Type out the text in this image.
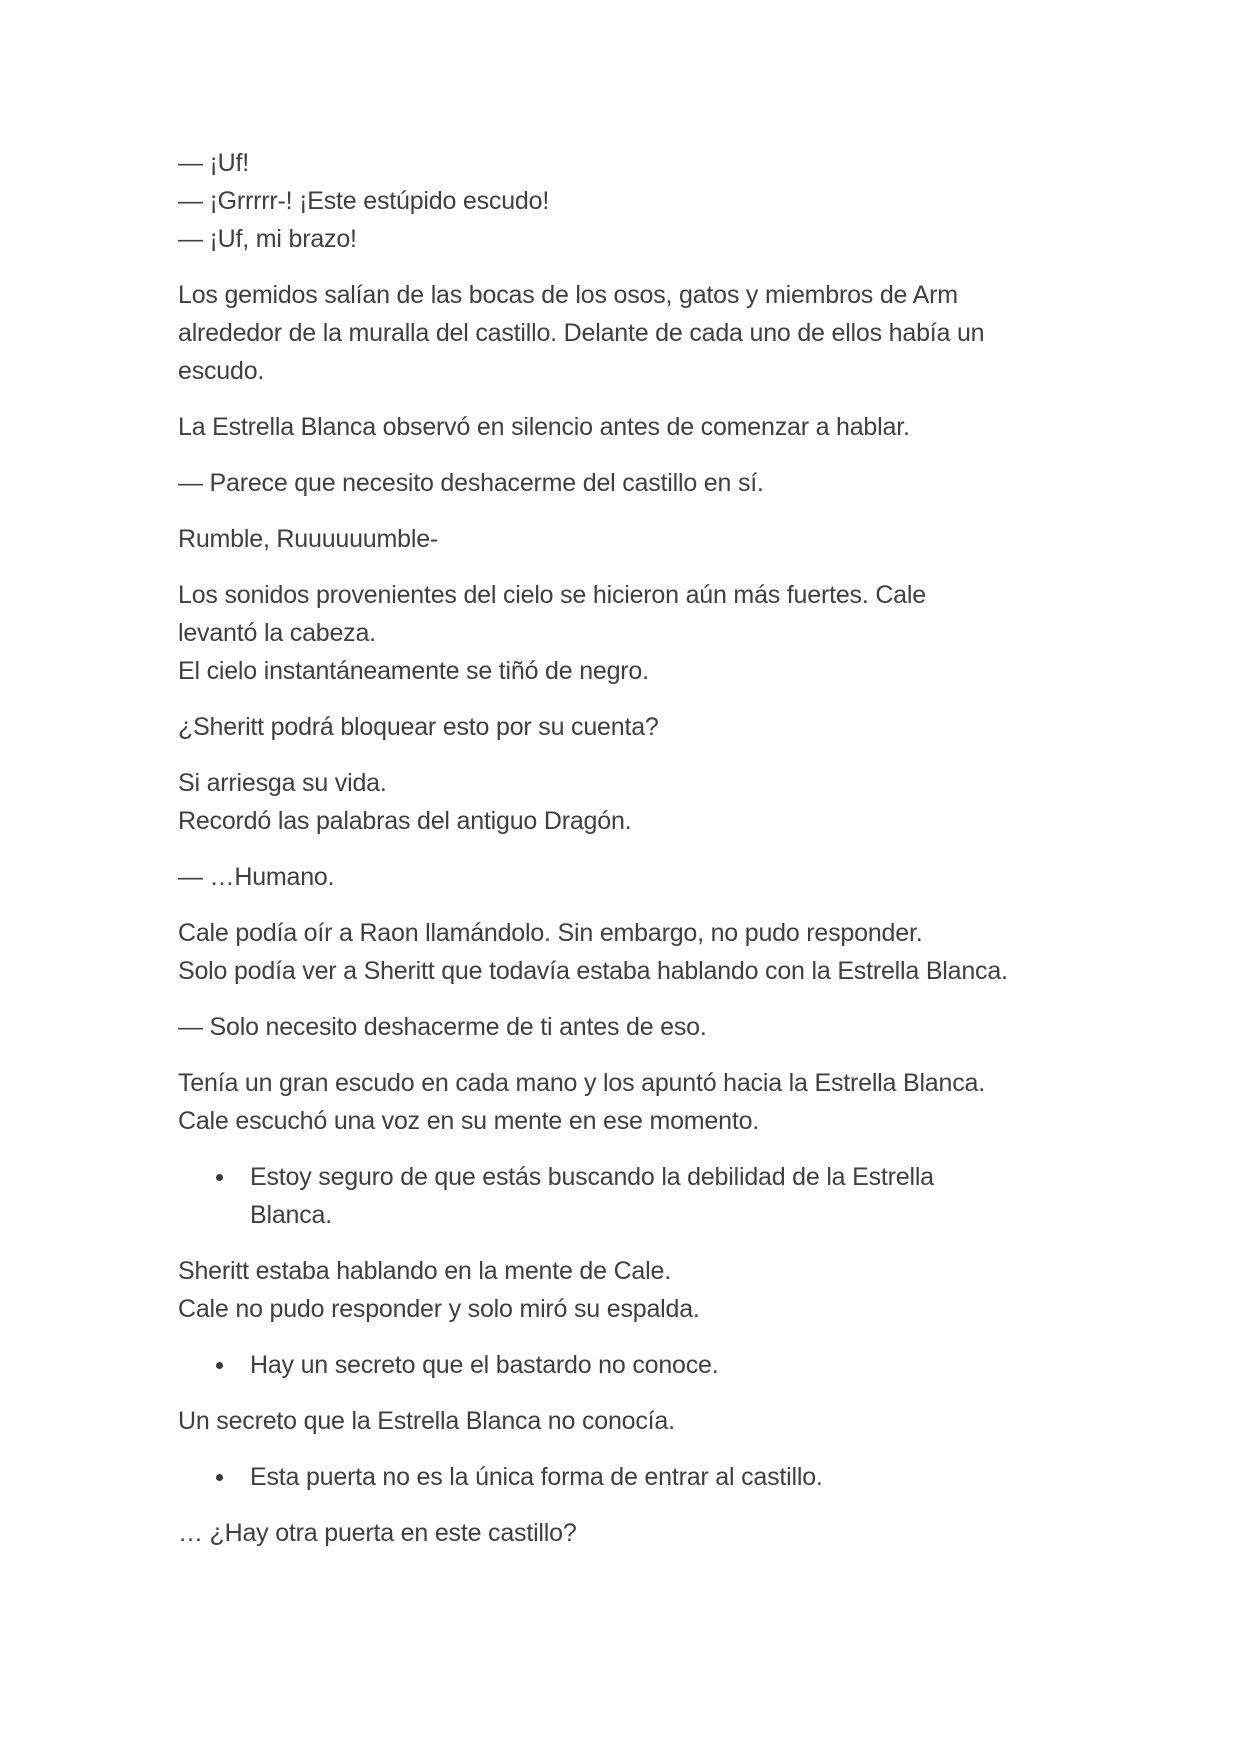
— ¡Uf!
— ¡Grrrrr-! ¡Este estúpido escudo!
— ¡Uf, mi brazo!
Los gemidos salían de las bocas de los osos, gatos y miembros de Arm
alrededor de la muralla del castillo. Delante de cada uno de ellos había un
escudo.
La Estrella Blanca observó en silencio antes de comenzar a hablar.
— Parece que necesito deshacerme del castillo en sí.
Rumble, Ruuuuuumble-
Los sonidos provenientes del cielo se hicieron aún más fuertes. Cale
levantó la cabeza.
El cielo instantáneamente se tiñó de negro.
¿Sheritt podrá bloquear esto por su cuenta?
Si arriesga su vida.
Recordó las palabras del antiguo Dragón.
— …Humano.
Cale podía oír a Raon llamándolo. Sin embargo, no pudo responder.
Solo podía ver a Sheritt que todavía estaba hablando con la Estrella Blanca.
— Solo necesito deshacerme de ti antes de eso.
Tenía un gran escudo en cada mano y los apuntó hacia la Estrella Blanca.
Cale escuchó una voz en su mente en ese momento.
Estoy seguro de que estás buscando la debilidad de la Estrella
Blanca.
Sheritt estaba hablando en la mente de Cale.
Cale no pudo responder y solo miró su espalda.
Hay un secreto que el bastardo no conoce.
Un secreto que la Estrella Blanca no conocía.
Esta puerta no es la única forma de entrar al castillo.
… ¿Hay otra puerta en este castillo?
